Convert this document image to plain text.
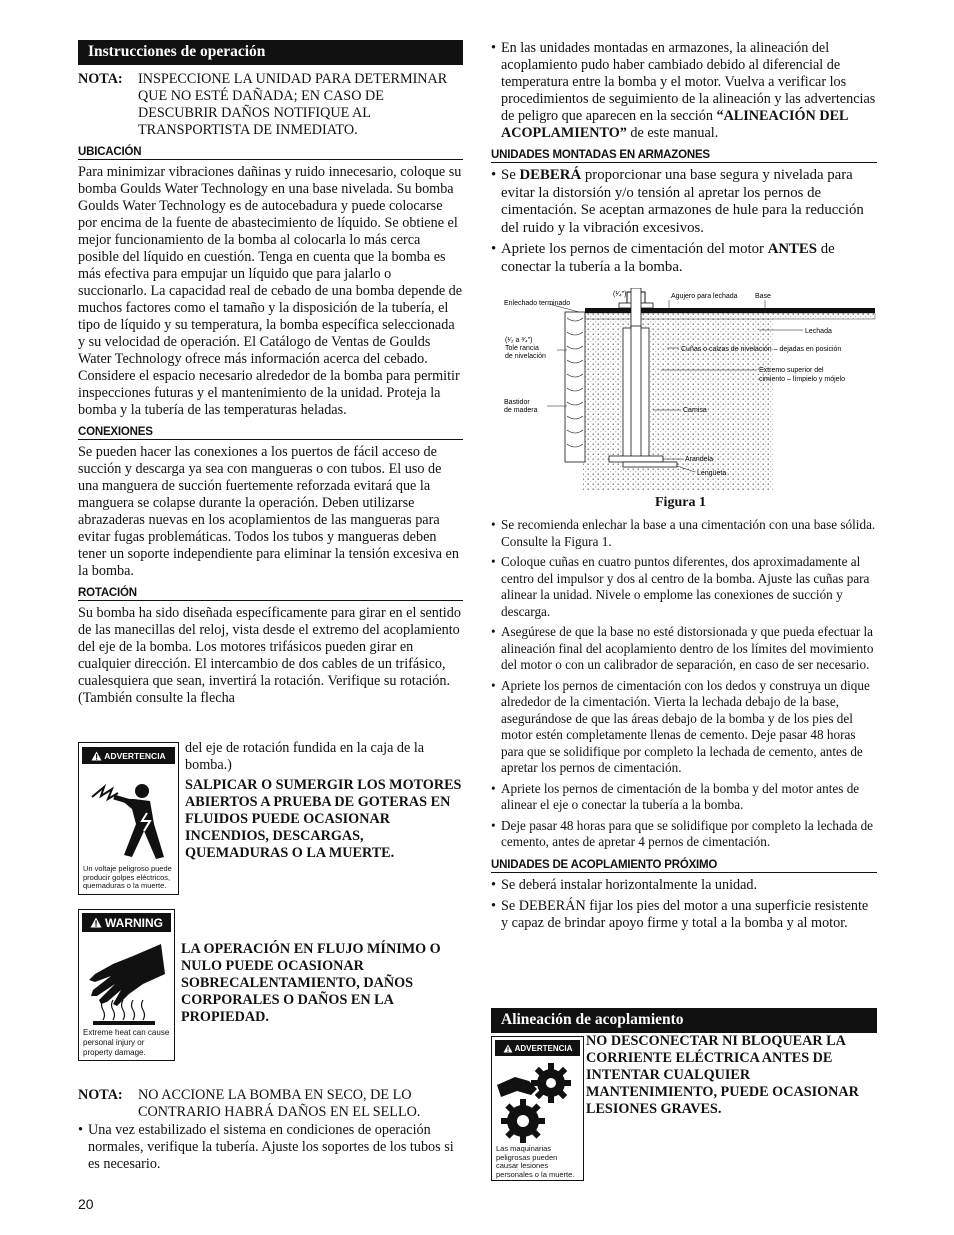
Instrucciones de operación
NOTA:	INSPECCIONE LA UNIDAD PARA DETERMINAR QUE NO ESTÉ DAÑADA; EN CASO DE DESCUBRIR DAÑOS NOTIFIQUE AL TRANSPORTISTA DE INMEDIATO.
UBICACIÓN

Para minimizar vibraciones dañinas y ruido innecesario, coloque su bomba Goulds Water Technology en una base nivelada. Su bomba Goulds Water Technology es de autocebadura y puede colocarse por encima de la fuente de abastecimiento de líquido. Se obtiene el mejor funcionamiento de la bomba al colocarla lo más cerca posible del líquido en cuestión. Tenga en cuenta que la bomba es más efectiva para empujar un líquido que para jalarlo o succionarlo. La capacidad real de cebado de una bomba depende de muchos factores como el tamaño y la disposición de la tubería, el tipo de líquido y su temperatura, la bomba específica seleccionada y su velocidad de operación. El Catálogo de Ventas de Goulds Water Technology ofrece más información acerca del cebado. Considere el espacio necesario alrededor de la bomba para permitir inspecciones futuras y el mantenimiento de la unidad. Proteja la bomba y la tubería de las temperaturas heladas.

CONEXIONES

Se pueden hacer las conexiones a los puertos de fácil acceso de succión y descarga ya sea con mangueras o con tubos. El uso de una manguera de succión fuertemente reforzada evitará que la manguera se colapse durante la operación. Deben utilizarse abrazaderas nuevas en los acoplamientos de las mangueras para evitar fugas problemáticas. Todos los tubos y mangueras deben tener un soporte independiente para eliminar la tensión excesiva en la bomba.

ROTACIÓN

Su bomba ha sido diseñada específicamente para girar en el sentido de las manecillas del reloj, vista desde el extremo del acoplamiento del eje de la bomba. Los motores trifásicos pueden girar en cualquier dirección. El intercambio de dos cables de un trifásico, cualesquiera que sean, invertirá la rotación. Verifique su rotación. (También consulte la flecha

ADVERTENCIA
Un voltaje peligroso puede producir golpes eléctricos, quemaduras o la muerte.

del eje de rotación fundida en la caja de la bomba.)

SALPICAR O SUMERGIR LOS MOTORES ABIERTOS A PRUEBA DE GOTERAS EN FLUIDOS PUEDE OCASIONAR INCENDIOS, DESCARGAS, QUEMADURAS O LA MUERTE.
WARNING
Extreme heat can cause personal injury or property damage.
LA OPERACIÓN EN FLUJO MÍNIMO O NULO PUEDE OCASIONAR SOBRECALENTAMIENTO, DAÑOS CORPORALES O DAÑOS EN LA PROPIEDAD.
NOTA:	NO ACCIONE LA BOMBA EN SECO, DE LO CONTRARIO HABRÁ DAÑOS EN EL SELLO.
• Una vez estabilizado el sistema en condiciones de operación normales, verifique la tubería. Ajuste los soportes de los tubos si es necesario.
20
• En las unidades montadas en armazones, la alineación del acoplamiento pudo haber cambiado debido al diferencial de temperatura entre la bomba y el motor. Vuelva a verificar los procedimientos de seguimiento de la alineación y las advertencias de peligro que aparecen en la sección “ALINEACIÓN DEL ACOPLAMIENTO” de este manual.
UNIDADES MONTADAS EN ARMAZONES
• Se DEBERÁ proporcionar una base segura y nivelada para evitar la distorsión y/o tensión al apretar los pernos de cimentación. Se aceptan armazones de hule para la reducción del ruido y la vibración excesivos.
• Apriete los pernos de cimentación del motor ANTES de conectar la tubería a la bomba.
Enlechado terminado
(¹⁄₄")	Agujero para lechada Base
Lechada
(¹⁄₂ a ³⁄₄")
Tole rancia
de nivelación
Cuñas o calzas de nivelación – dejadas en posición
Extremo superior del
cimiento – límpielo y mójelo
Bastidor
de madera	Camisa
Arandela
Lengüeta
Figura 1
• Se recomienda enlechar la base a una cimentación con una base sólida. Consulte la Figura 1.
• Coloque cuñas en cuatro puntos diferentes, dos aproximadamente al centro del impulsor y dos al centro de la bomba. Ajuste las cuñas para alinear la unidad. Nivele o emplome las conexiones de succión y descarga.
• Asegúrese de que la base no esté distorsionada y que pueda efectuar la alineación final del acoplamiento dentro de los límites del movimiento del motor o con un calibrador de separación, en caso de ser necesario.
• Apriete los pernos de cimentación con los dedos y construya un dique alrededor de la cimentación. Vierta la lechada debajo de la base, asegurándose de que las áreas debajo de la bomba y de los pies del motor estén completamente llenas de cemento. Deje pasar 48 horas para que se solidifique por completo la lechada de cemento, antes de apretar los pernos de cimentación.
• Apriete los pernos de cimentación de la bomba y del motor antes de alinear el eje o conectar la tubería a la bomba.
• Deje pasar 48 horas para que se solidifique por completo la lechada de cemento, antes de apretar 4 pernos de cimentación.
UNIDADES DE ACOPLAMIENTO PRÓXIMO
• Se deberá instalar horizontalmente la unidad.
• Se DEBERÁN fijar los pies del motor a una superficie resistente y capaz de brindar apoyo firme y total a la bomba y al motor.
Alineación de acoplamiento
ADVERTENCIA
Las maquinarias peligrosas pueden causar lesiones personales o la muerte.
NO DESCONECTAR NI BLOQUEAR LA CORRIENTE ELÉCTRICA ANTES DE INTENTAR CUALQUIER MANTENIMIENTO, PUEDE OCASIONAR LESIONES GRAVES.
